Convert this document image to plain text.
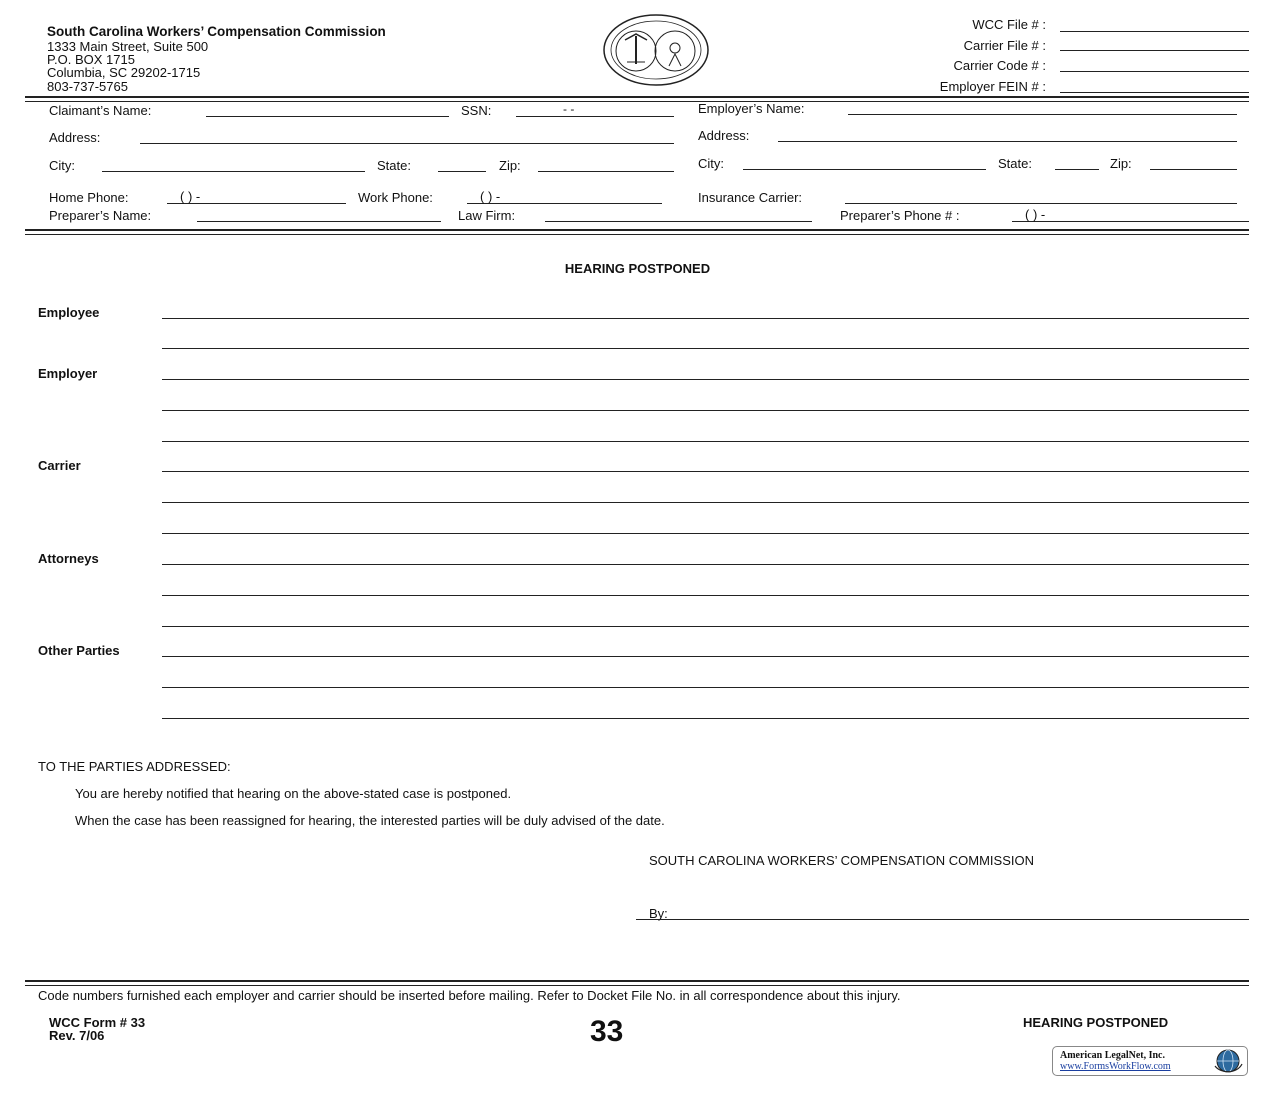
South Carolina Workers’ Compensation Commission
1333 Main Street, Suite 500
P.O. BOX 1715
Columbia, SC 29202-1715
803-737-5765
WCC File # :
Carrier File # :
Carrier Code # :
Employer FEIN # :
Claimant’s Name:	SSN:	- -
Address:
City:	State:	Zip:
Home Phone:	( ) -	Work Phone:	( ) -
Preparer’s Name:	Law Firm:
Employer’s Name:
Address:
City:	State:	Zip:
Insurance Carrier:
Preparer’s Phone # :	( ) -
HEARING POSTPONED
Employee
Employer
Carrier
Attorneys
Other Parties
TO THE PARTIES ADDRESSED:
You are hereby notified that hearing on the above-stated case is postponed.
When the case has been reassigned for hearing, the interested parties will be duly advised of the date.
SOUTH CAROLINA WORKERS’ COMPENSATION COMMISSION
By:
Code numbers furnished each employer and carrier should be inserted before mailing. Refer to Docket File No. in all correspondence about this injury.
WCC Form # 33
Rev. 7/06	33	HEARING POSTPONED
American LegalNet, Inc.
www.FormsWorkFlow.com
